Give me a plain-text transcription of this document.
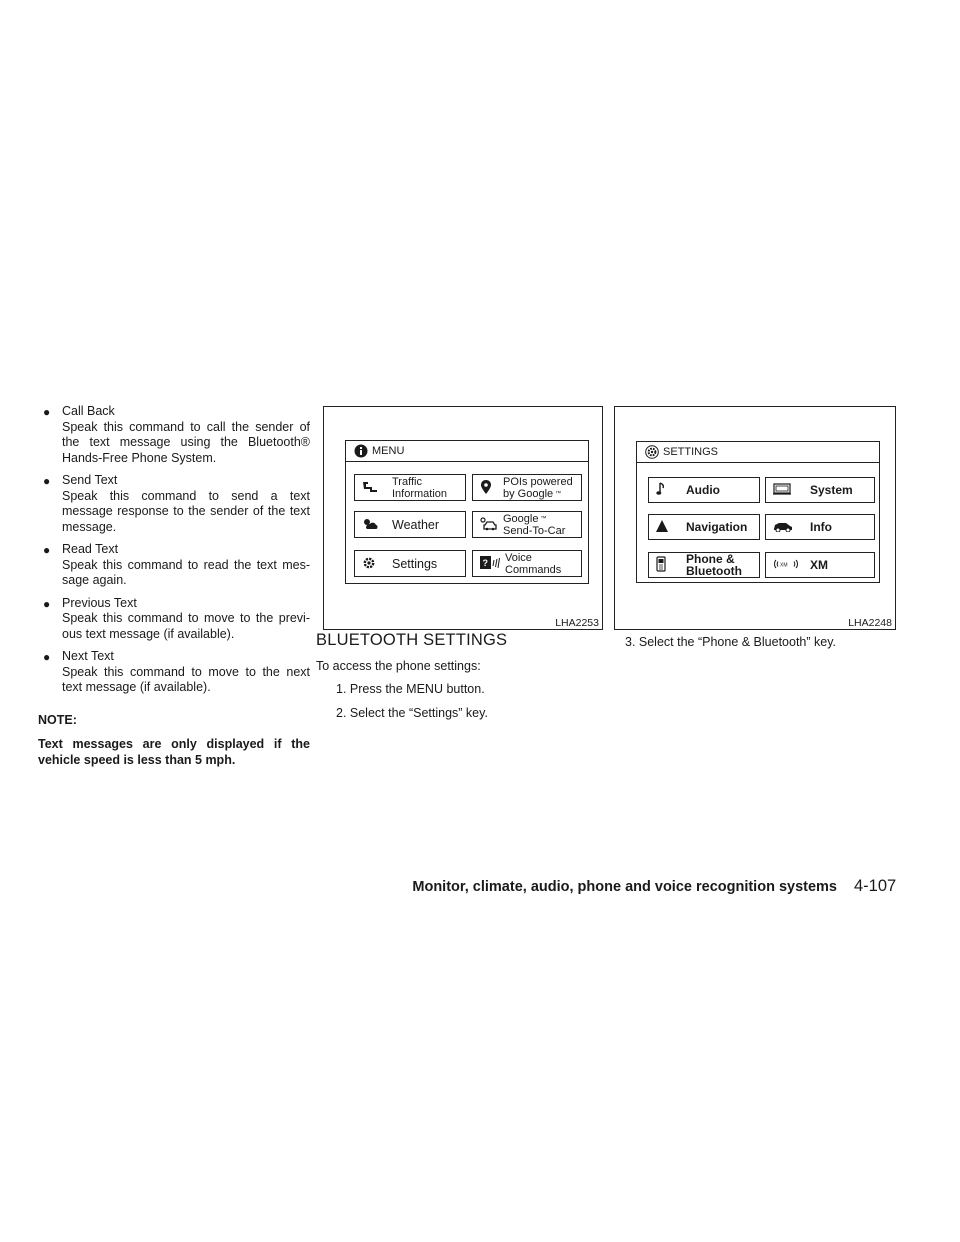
● Call Back
Speak this command to call the sender of the text message using the Bluetooth® Hands-Free Phone System.
● Send Text
Speak this command to send a text message response to the sender of the text message.
● Read Text
Speak this command to read the text mes- sage again.
● Previous Text
Speak this command to move to the previ- ous text message (if available).
● Next Text
Speak this command to move to the next text message (if available).
NOTE:
Text messages are only displayed if the vehicle speed is less than 5 mph.
MENU
Traffic
Information
POIs powered
by Google ™
Weather	Google ™
Send-To-Car
Settings	? Voice
Commands
LHA2253
SETTINGS
Audio	System
Navigation	Info
Phone &
Bluetooth	XM XM
LHA2248
BLUETOOTH SETTINGS
To access the phone settings:
1. Press the MENU button.
2. Select the “Settings” key.
3. Select the “Phone & Bluetooth” key.
Monitor, climate, audio, phone and voice recognition systems 4-107
